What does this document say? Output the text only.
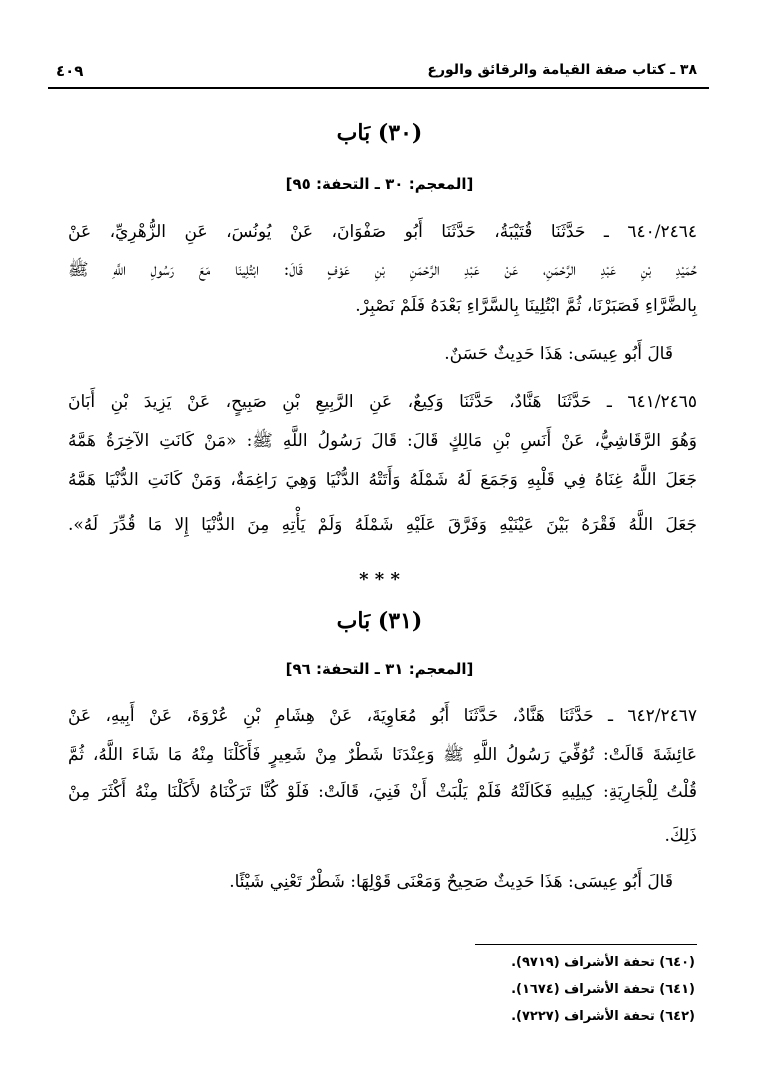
٣٨ ـ كتاب صفة القيامة والرقائق والورع
٤٠٩
(٣٠) بَاب
[المعجم: ٣٠ ـ التحفة: ٩٥]
٦٤٠/٢٤٦٤ ـ حَدَّثَنَا قُتَيْبَةُ، حَدَّثَنَا أَبُو صَفْوَانَ، عَنْ يُونُسَ، عَنِ الزُّهْرِيِّ، عَنْ
حُمَيْدِ بْنِ عَبْدِ الرَّحْمَنِ، عَنْ عَبْدِ الرَّحْمَنِ بْنِ عَوْفٍ قَالَ: ابْتُلِينَا مَعَ رَسُولِ اللَّهِ ﷺ
بِالضَّرَّاءِ فَصَبَرْنَا، ثُمَّ ابْتُلِينَا بِالسَّرَّاءِ بَعْدَهُ فَلَمْ نَصْبِرْ.
قَالَ أَبُو عِيسَى: هَذَا حَدِيثٌ حَسَنٌ.
٦٤١/٢٤٦٥ ـ حَدَّثَنَا هَنَّادٌ، حَدَّثَنَا وَكِيعٌ، عَنِ الرَّبِيعِ بْنِ صَبِيحٍ، عَنْ يَزِيدَ بْنِ أَبَانَ
وَهُوَ الرَّقَاشِيُّ، عَنْ أَنَسِ بْنِ مَالِكٍ قَالَ: قَالَ رَسُولُ اللَّهِ ﷺ: «مَنْ كَانَتِ الآخِرَةُ هَمَّهُ
جَعَلَ اللَّهُ غِنَاهُ فِي قَلْبِهِ وَجَمَعَ لَهُ شَمْلَهُ وَأَتَتْهُ الدُّنْيَا وَهِيَ رَاغِمَةٌ، وَمَنْ كَانَتِ الدُّنْيَا هَمَّهُ
جَعَلَ اللَّهُ فَقْرَهُ بَيْنَ عَيْنَيْهِ وَفَرَّقَ عَلَيْهِ شَمْلَهُ وَلَمْ يَأْتِهِ مِنَ الدُّنْيَا إِلا مَا قُدِّرَ لَهُ».
* * *
(٣١) بَاب
[المعجم: ٣١ ـ التحفة: ٩٦]
٦٤٢/٢٤٦٧ ـ حَدَّثَنَا هَنَّادٌ، حَدَّثَنَا أَبُو مُعَاوِيَةَ، عَنْ هِشَامِ بْنِ عُرْوَةَ، عَنْ أَبِيهِ، عَنْ
عَائِشَةَ قَالَتْ: تُوُفِّيَ رَسُولُ اللَّهِ ﷺ وَعِنْدَنَا شَطْرٌ مِنْ شَعِيرٍ فَأَكَلْنَا مِنْهُ مَا شَاءَ اللَّهُ، ثُمَّ
قُلْتُ لِلْجَارِيَةِ: كِيلِيهِ فَكَالَتْهُ فَلَمْ يَلْبَثْ أَنْ فَنِيَ، قَالَتْ: فَلَوْ كُنَّا تَرَكْنَاهُ لأَكَلْنَا مِنْهُ أَكْثَرَ مِنْ
ذَلِكَ.
قَالَ أَبُو عِيسَى: هَذَا حَدِيثٌ صَحِيحٌ وَمَعْنَى قَوْلِهَا: شَطْرٌ تَعْنِي شَيْئًا.
(٦٤٠) تحفة الأشراف (٩٧١٩).
(٦٤١) تحفة الأشراف (١٦٧٤).
(٦٤٢) تحفة الأشراف (٧٢٢٧).
